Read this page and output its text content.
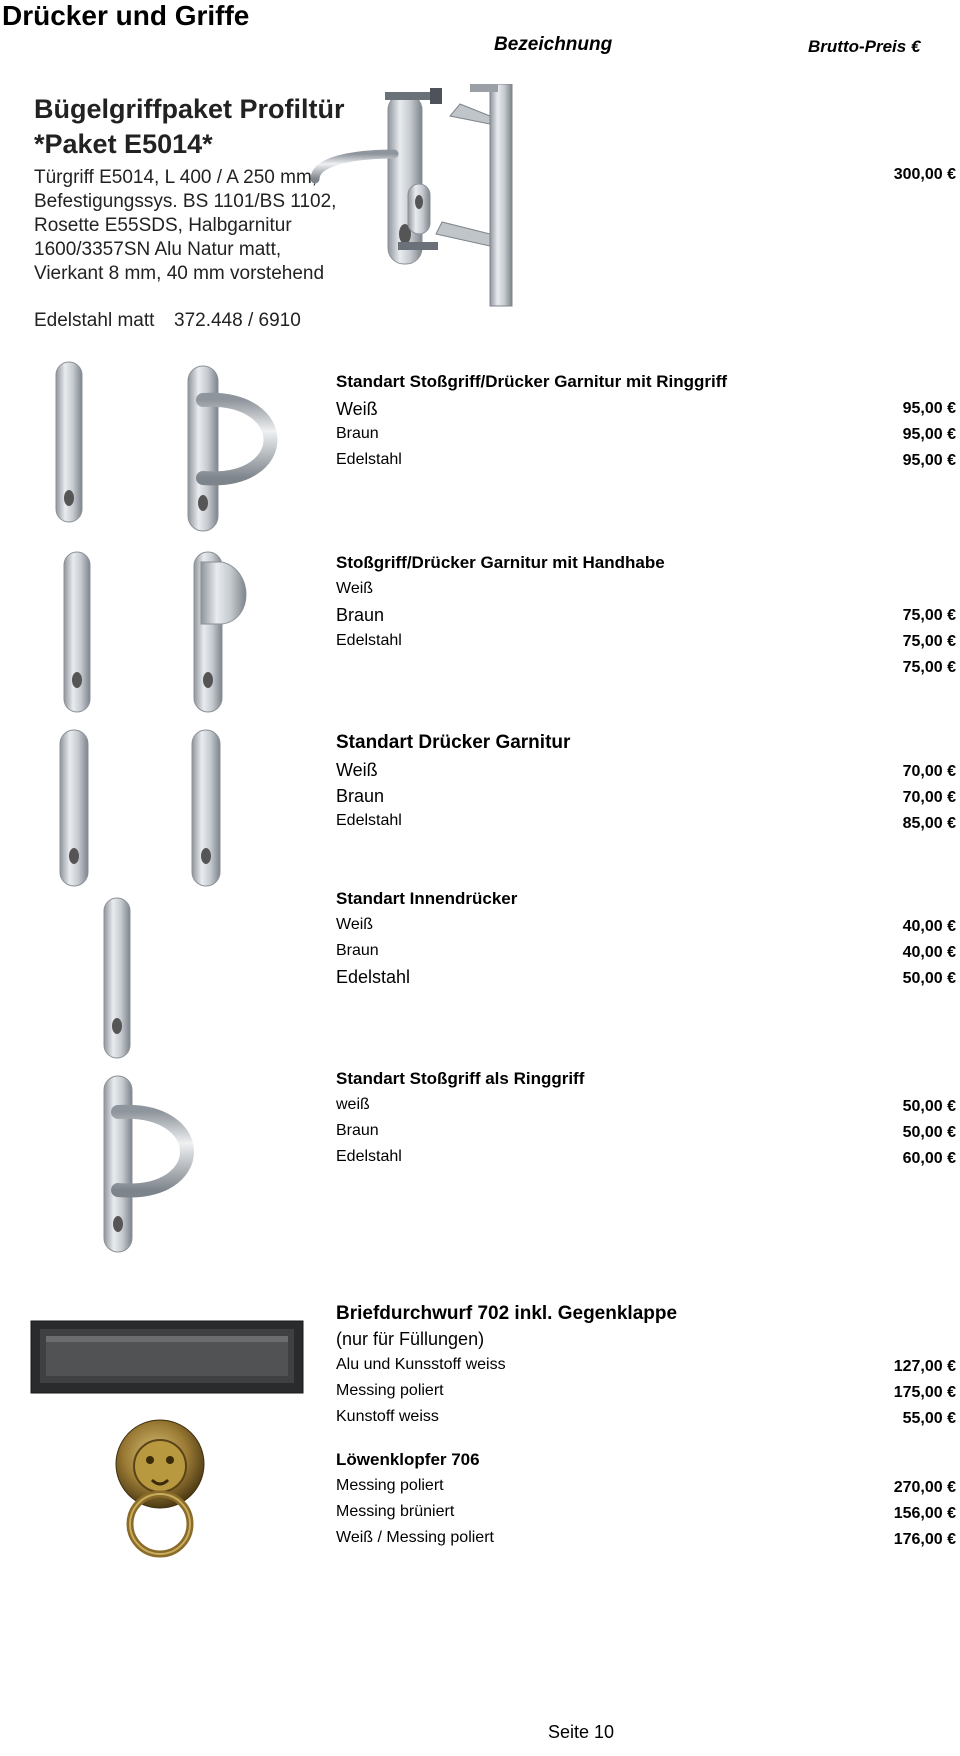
Drücker und Griffe
Bezeichnung	Brutto-Preis €
Bügelgriffpaket Profiltür
*Paket E5014*
Türgriff E5014, L 400 / A 250 mm,
Befestigungssys. BS 1101/BS 1102,
Rosette E55SDS, Halbgarnitur
1600/3357SN Alu Natur matt,
Vierkant 8 mm, 40 mm vorstehend
Edelstahl matt 372.448 / 6910
300,00 €
Standart Stoßgriff/Drücker Garnitur mit Ringgriff
Weiß
Braun
Edelstahl
95,00 €
95,00 €
95,00 €
Stoßgriff/Drücker Garnitur mit Handhabe
Weiß
Braun
Edelstahl
75,00 €
75,00 €
75,00 €
Standart Drücker Garnitur
Weiß
Braun
Edelstahl
70,00 €
70,00 €
85,00 €
Standart Innendrücker
Weiß
Braun
Edelstahl
40,00 €
40,00 €
50,00 €
Standart Stoßgriff als Ringgriff
weiß
Braun
Edelstahl
50,00 €
50,00 €
60,00 €
Briefdurchwurf 702 inkl. Gegenklappe
(nur für Füllungen)
Alu und Kunsstoff weiss
Messing poliert
Kunstoff weiss
127,00 €
175,00 €
55,00 €
Löwenklopfer 706
Messing poliert
Messing brüniert
Weiß / Messing poliert
270,00 €
156,00 €
176,00 €
Seite 10
